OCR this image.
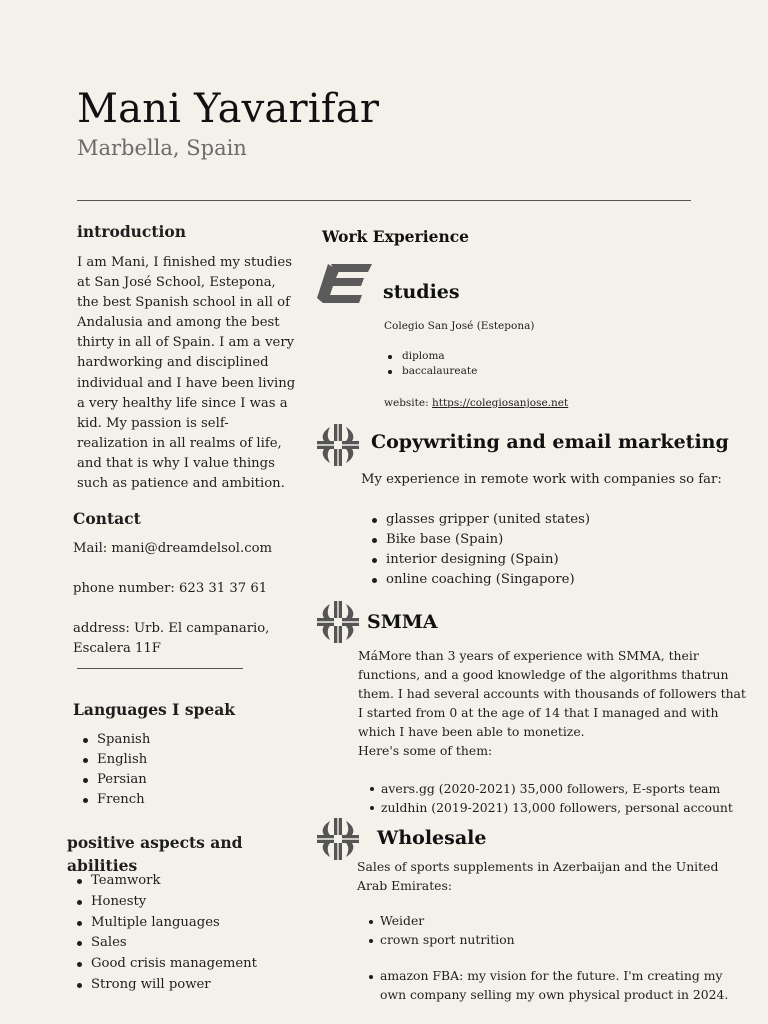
Mani Yavarifar
Marbella, Spain
introduction
I am Mani, I finished my studies at San José School, Estepona, the best Spanish school in all of Andalusia and among the best thirty in all of Spain. I am a very hardworking and disciplined individual and I have been living a very healthy life since I was a kid. My passion is self- realization in all realms of life, and that is why I value things such as patience and ambition.
Contact
Mail: mani@dreamdelsol.com
phone number: 623 31 37 61
address: Urb. El campanario, Escalera 11F
Languages I speak
Spanish
English
Persian
French
positive aspects and abilities
Teamwork
Honesty
Multiple languages
Sales
Good crisis management
Strong will power
Work Experience
studies
Colegio San José (Estepona)
diploma
baccalaureate
website: https://colegiosanjose.net
Copywriting and email marketing
My experience in remote work with companies so far:
glasses gripper (united states)
Bike base (Spain)
interior designing (Spain)
online coaching (Singapore)
SMMA
MáMore than 3 years of experience with SMMA, their functions, and a good knowledge of the algorithms thatrun them. I had several accounts with thousands of followers that I started from 0 at the age of 14 that I managed and with which I have been able to monetize.
Here's some of them:
avers.gg (2020-2021) 35,000 followers, E-sports team
zuldhin (2019-2021) 13,000 followers, personal account
Wholesale
Sales of sports supplements in Azerbaijan and the United Arab Emirates:
Weider
crown sport nutrition
amazon FBA: my vision for the future. I'm creating my own company selling my own physical product in 2024.
